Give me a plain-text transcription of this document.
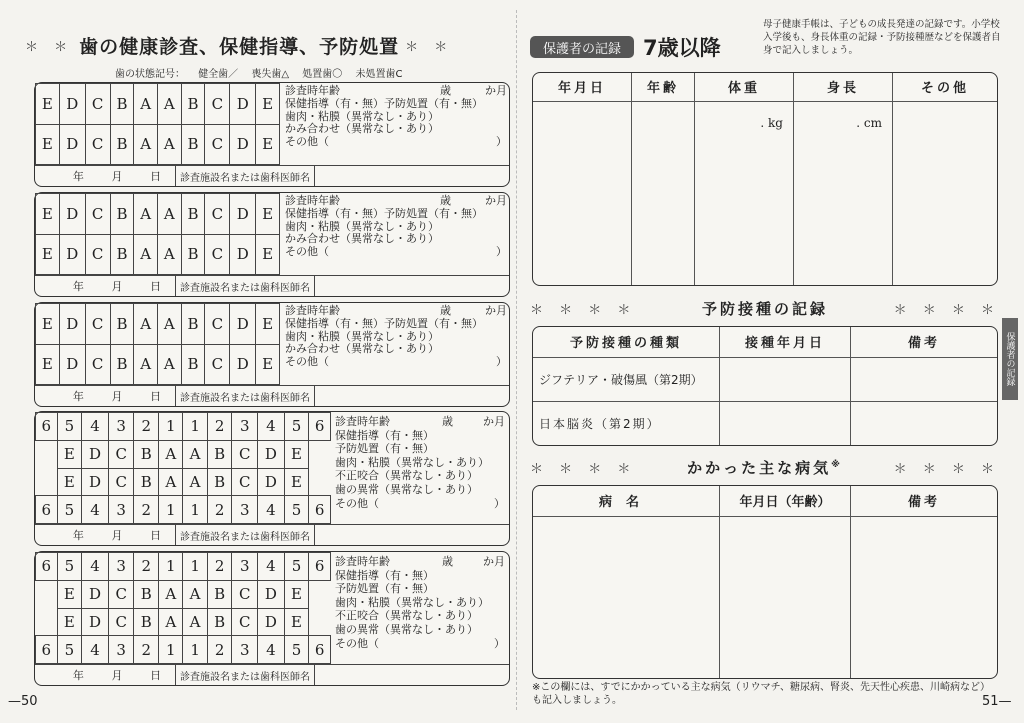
＊ ＊ 歯の健康診査、保健指導、予防処置 ＊ ＊
歯の状態記号： 健全歯／ 喪失歯△ 処置歯〇 未処置歯C
E	D	C	B	A	A	B	C	D	E
E	D	C	B	A	A	B	C	D	E
診査時年齢	歳	か月
保健指導（有・無）予防処置（有・無）
歯肉・粘膜（異常なし・あり）
かみ合わせ（異常なし・あり）
その他（	）
年	月	日	診査施設名または歯科医師名
E	D	C	B	A	A	B	C	D	E
E	D	C	B	A	A	B	C	D	E
診査時年齢	歳	か月
保健指導（有・無）予防処置（有・無）
歯肉・粘膜（異常なし・あり）
かみ合わせ（異常なし・あり）
その他（	）
年	月	日	診査施設名または歯科医師名
E	D	C	B	A	A	B	C	D	E
E	D	C	B	A	A	B	C	D	E
診査時年齢	歳	か月
保健指導（有・無）予防処置（有・無）
歯肉・粘膜（異常なし・あり）
かみ合わせ（異常なし・あり）
その他（	）
年	月	日	診査施設名または歯科医師名
6	5	4	3	2	1	1	2	3	4	5	6
	E	D	C	B	A	A	B	C	D	E	
	E	D	C	B	A	A	B	C	D	E	
6	5	4	3	2	1	1	2	3	4	5	6
診査時年齢	歳	か月
保健指導（有・無）
予防処置（有・無）
歯肉・粘膜（異常なし・あり）
不正咬合（異常なし・あり）
歯の異常（異常なし・あり）
その他（	）
年	月	日	診査施設名または歯科医師名
6	5	4	3	2	1	1	2	3	4	5	6
	E	D	C	B	A	A	B	C	D	E	
	E	D	C	B	A	A	B	C	D	E	
6	5	4	3	2	1	1	2	3	4	5	6
診査時年齢	歳	か月
保健指導（有・無）
予防処置（有・無）
歯肉・粘膜（異常なし・あり）
不正咬合（異常なし・あり）
歯の異常（異常なし・あり）
その他（	）
年	月	日	診査施設名または歯科医師名
—50
保護者の記録	7歳以降
母子健康手帳は、子どもの成長発達の記録です。小学校入学後も、身長体重の記録・予防接種歴などを保護者自身で記入しましょう。
年月日	年齢	体重	身長	その他
		. kg	. cm	
＊ ＊ ＊ ＊	予防接種の記録	＊ ＊ ＊ ＊
予防接種の種類	接種年月日	備考
ジフテリア・破傷風（第2期）		
日本脳炎（第2期）		
＊ ＊ ＊ ＊	かかった主な病気※	＊ ＊ ＊ ＊
病名	年月日（年齢）	備考

※この欄には、すでにかかっている主な病気（リウマチ、糖尿病、腎炎、先天性心疾患、川崎病など）も記入しましょう。
保護者の記録
51—
